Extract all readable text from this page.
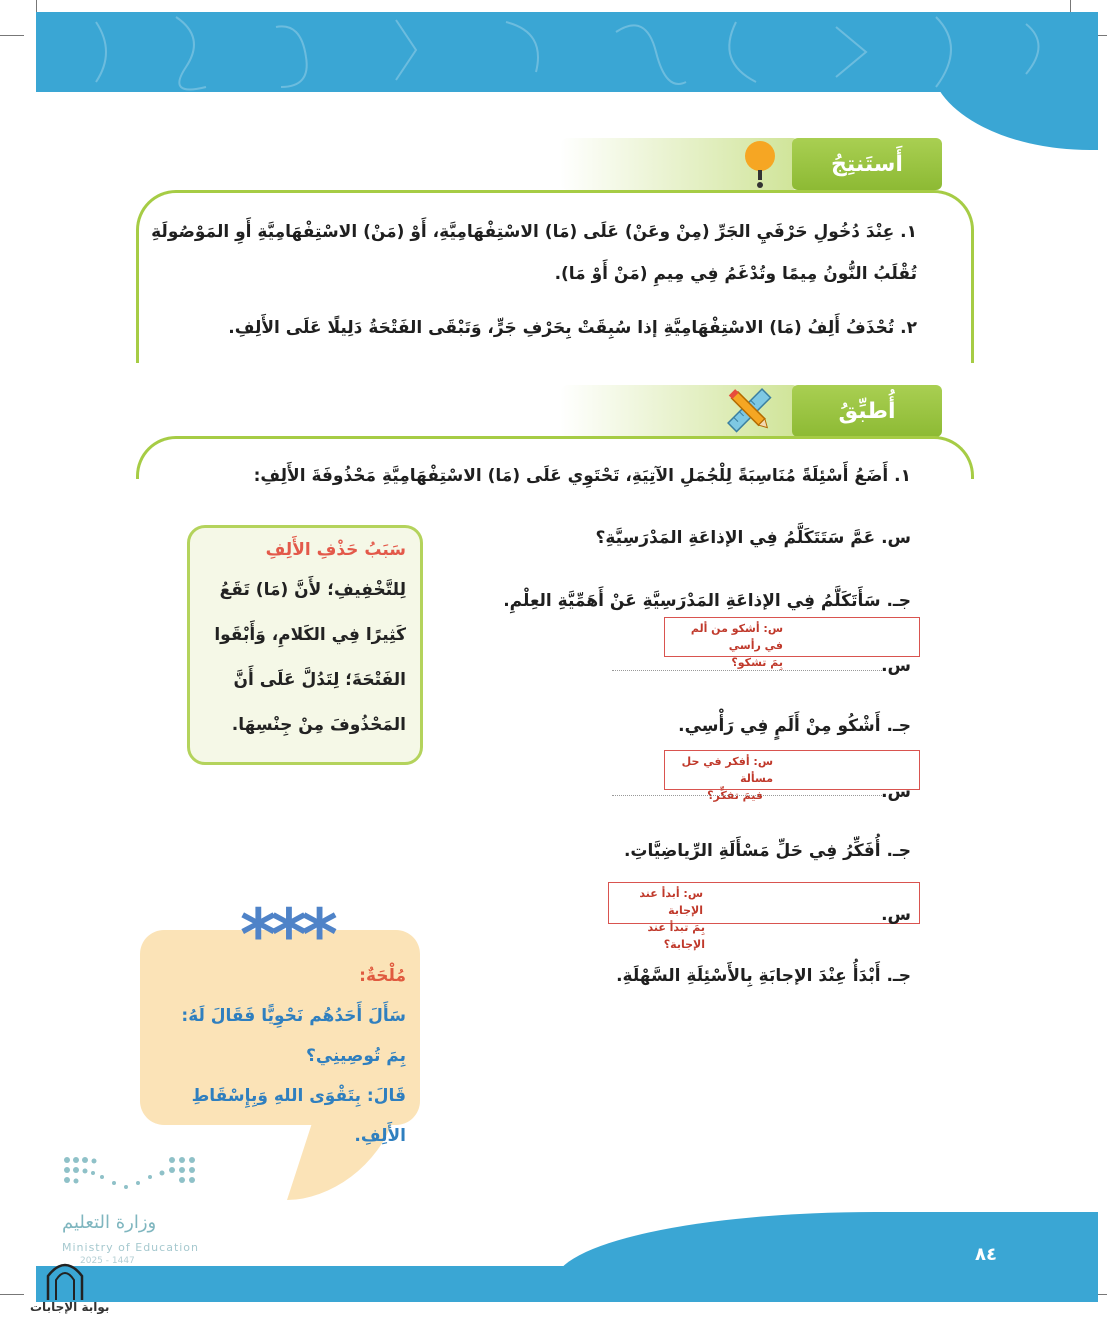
أَستَنتِجُ
١. عِنْدَ دُخُولِ حَرْفَيِ الجَرِّ (مِنْ وعَنْ) عَلَى (مَا) الاسْتِفْهَامِيَّةِ، أَوْ (مَنْ) الاسْتِفْهَامِيَّةِ أَوِ المَوْصُولَةِ
تُقْلَبُ النُّونُ مِيمًا وتُدْغَمُ فِي مِيمِ (مَنْ أَوْ مَا).
٢. تُحْذَفُ أَلِفُ (مَا) الاسْتِفْهَامِيَّةِ إذا سُبِقَتْ بِحَرْفِ جَرٍّ، وَتَبْقَى الفَتْحَةُ دَلِيلًا عَلَى الأَلِفِ.
أُطبِّقُ
١. أَضَعُ أَسْئِلَةً مُنَاسِبَةً لِلْجُمَلِ الآتِيَةِ، تَحْتَوِي عَلَى (مَا) الاسْتِفْهَامِيَّةِ مَحْذُوفَةَ الأَلِفِ:
س. عَمَّ سَتَتَكَلَّمُ فِي الإذاعَةِ المَدْرَسِيَّةِ؟
جـ. سَأَتَكَلَّمُ فِي الإذاعَةِ المَدْرَسِيَّةِ عَنْ أَهَمِّيَّةِ العِلْمِ.
س: أشكو من ألم في رأسي
بِمَ تشكو؟	س.
جـ. أَشْكُو مِنْ أَلَمٍ فِي رَأْسِي.
س: أفكر في حل مسألة
فيمَ تفكِّر؟	س.
جـ. أُفَكِّرُ فِي حَلِّ مَسْأَلَةِ الرِّياضِيَّاتِ.
س: أبدأ عند الإجابة
بِمَ تبدأ عند الإجابة؟
س.
جـ. أَبْدَأُ عِنْدَ الإجابَةِ بِالأَسْئِلَةِ السَّهْلَةِ.
سَبَبُ حَذْفِ الأَلِفِ
لِلتَّخْفِيفِ؛ لأَنَّ (مَا) تَقَعُ
كَثِيرًا فِي الكَلامِ، وَأَبْقَوا
الفَتْحَةَ؛ لِتَدُلَّ عَلَى أَنَّ
المَحْذُوفَ مِنْ جِنْسِهَا.
مُلْحَةٌ:
سَأَلَ أَحَدُهُم نَحْوِيًّا فَقَالَ لَهُ:
بِمَ تُوصِينِي؟
قَالَ: بِتَقْوَى اللهِ وَبِإِسْقَاطِ الأَلِفِ.
***
وزارة التعليم
Ministry of Education
2025 - 1447	٨٤
بوابة الإجابات
